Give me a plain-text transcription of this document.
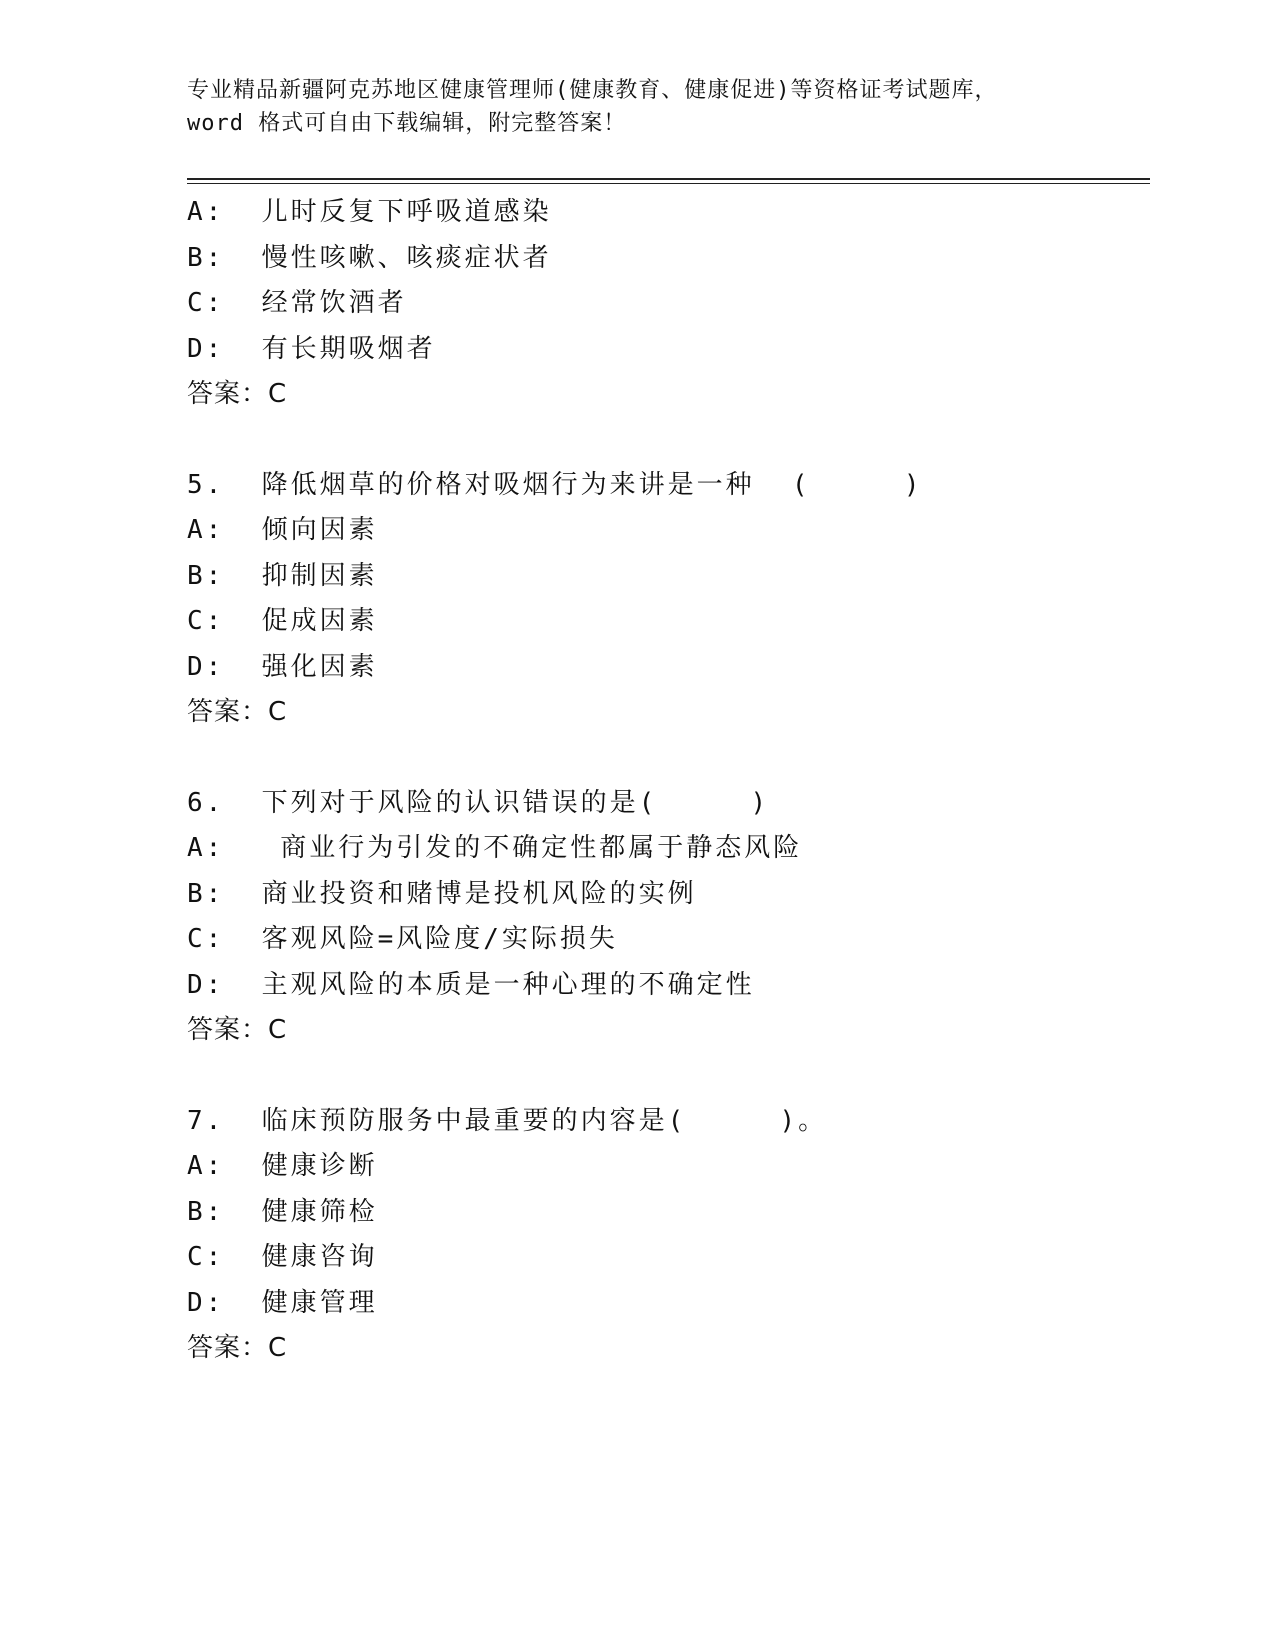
专业精品新疆阿克苏地区健康管理师(健康教育、健康促进)等资格证考试题库，
word 格式可自由下载编辑，附完整答案！
A:  儿时反复下呼吸道感染
B:  慢性咳嗽、咳痰症状者
C:  经常饮酒者
D:  有长期吸烟者
答案：C
5.  降低烟草的价格对吸烟行为来讲是一种  (     )
A:  倾向因素
B:  抑制因素
C:  促成因素
D:  强化因素
答案：C
6.  下列对于风险的认识错误的是(     )
A:   商业行为引发的不确定性都属于静态风险
B:  商业投资和赌博是投机风险的实例
C:  客观风险=风险度/实际损失
D:  主观风险的本质是一种心理的不确定性
答案：C
7.  临床预防服务中最重要的内容是(     )。
A:  健康诊断
B:  健康筛检
C:  健康咨询
D:  健康管理
答案：C
